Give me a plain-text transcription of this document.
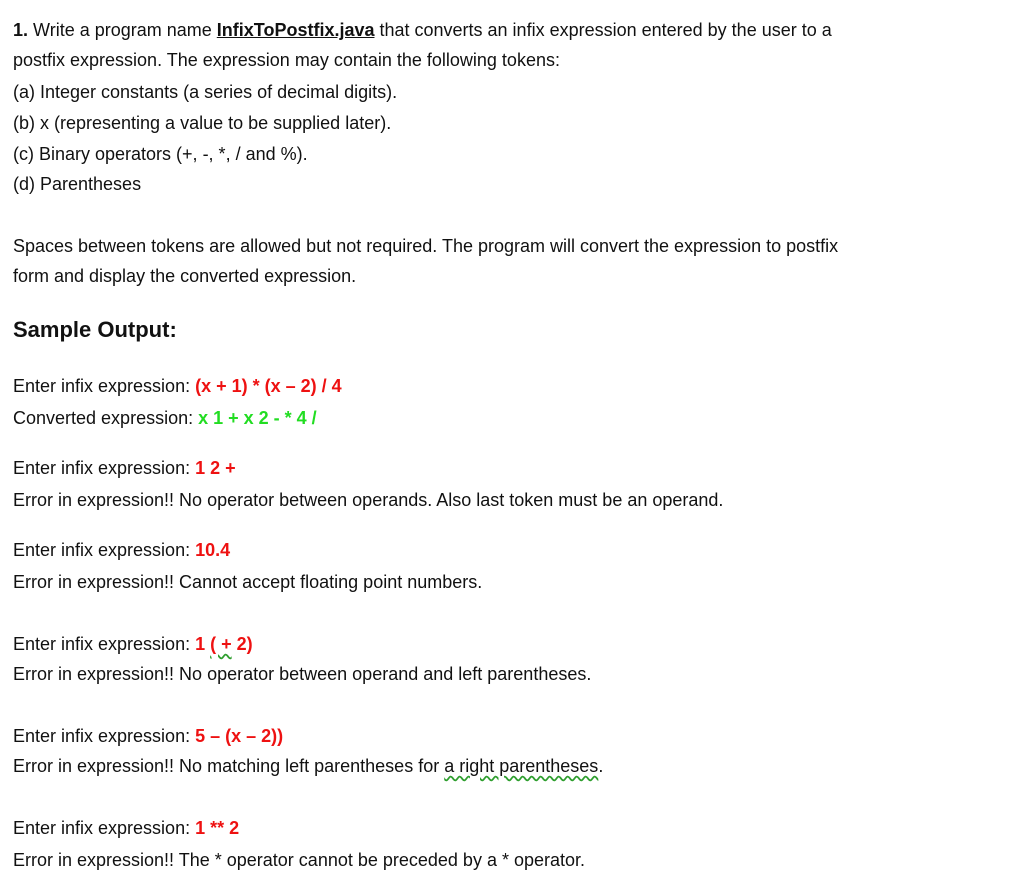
1. Write a program name InfixToPostfix.java that converts an infix expression entered by the user to a
postfix expression. The expression may contain the following tokens:
(a) Integer constants (a series of decimal digits).
(b) x (representing a value to be supplied later).
(c) Binary operators (+, -, *, / and %).
(d) Parentheses
Spaces between tokens are allowed but not required. The program will convert the expression to postfix
form and display the converted expression.
Sample Output:
Enter infix expression: (x + 1) * (x – 2) / 4
Converted expression: x 1 + x 2 - * 4 /
Enter infix expression: 1 2 +
Error in expression!! No operator between operands. Also last token must be an operand.
Enter infix expression: 10.4
Error in expression!! Cannot accept floating point numbers.
Enter infix expression: 1 ( + 2)
Error in expression!! No operator between operand and left parentheses.
Enter infix expression: 5 – (x – 2))
Error in expression!! No matching left parentheses for a right parentheses.
Enter infix expression: 1 ** 2
Error in expression!! The * operator cannot be preceded by a * operator.
